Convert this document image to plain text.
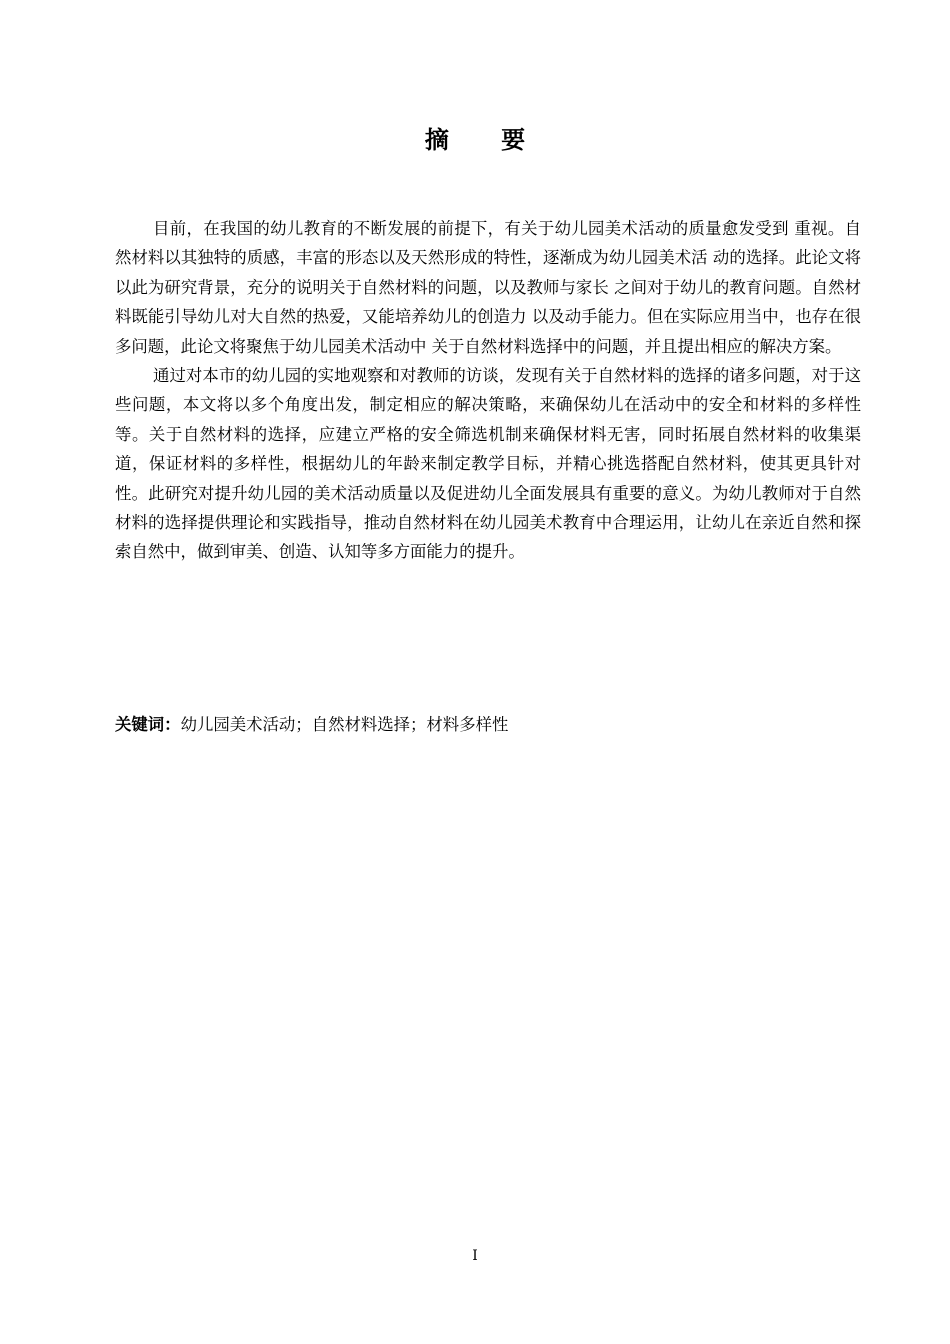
摘 要

目前，在我国的幼儿教育的不断发展的前提下，有关于幼儿园美术活动的质量愈发受到 重视。自然材料以其独特的质感，丰富的形态以及天然形成的特性，逐渐成为幼儿园美术活 动的选择。此论文将以此为研究背景，充分的说明关于自然材料的问题，以及教师与家长 之间对于幼儿的教育问题。自然材料既能引导幼儿对大自然的热爱，又能培养幼儿的创造力 以及动手能力。但在实际应用当中，也存在很多问题，此论文将聚焦于幼儿园美术活动中 关于自然材料选择中的问题，并且提出相应的解决方案。

通过对本市的幼儿园的实地观察和对教师的访谈，发现有关于自然材料的选择的诸多问题，对于这些问题，本文将以多个角度出发，制定相应的解决策略，来确保幼儿在活动中的安全和材料的多样性等。关于自然材料的选择，应建立严格的安全筛选机制来确保材料无害，同时拓展自然材料的收集渠道，保证材料的多样性，根据幼儿的年龄来制定教学目标，并精心挑选搭配自然材料，使其更具针对性。此研究对提升幼儿园的美术活动质量以及促进幼儿全面发展具有重要的意义。为幼儿教师对于自然材料的选择提供理论和实践指导，推动自然材料在幼儿园美术教育中合理运用，让幼儿在亲近自然和探索自然中，做到审美、创造、认知等多方面能力的提升。

关键词：幼儿园美术活动；自然材料选择；材料多样性
I
